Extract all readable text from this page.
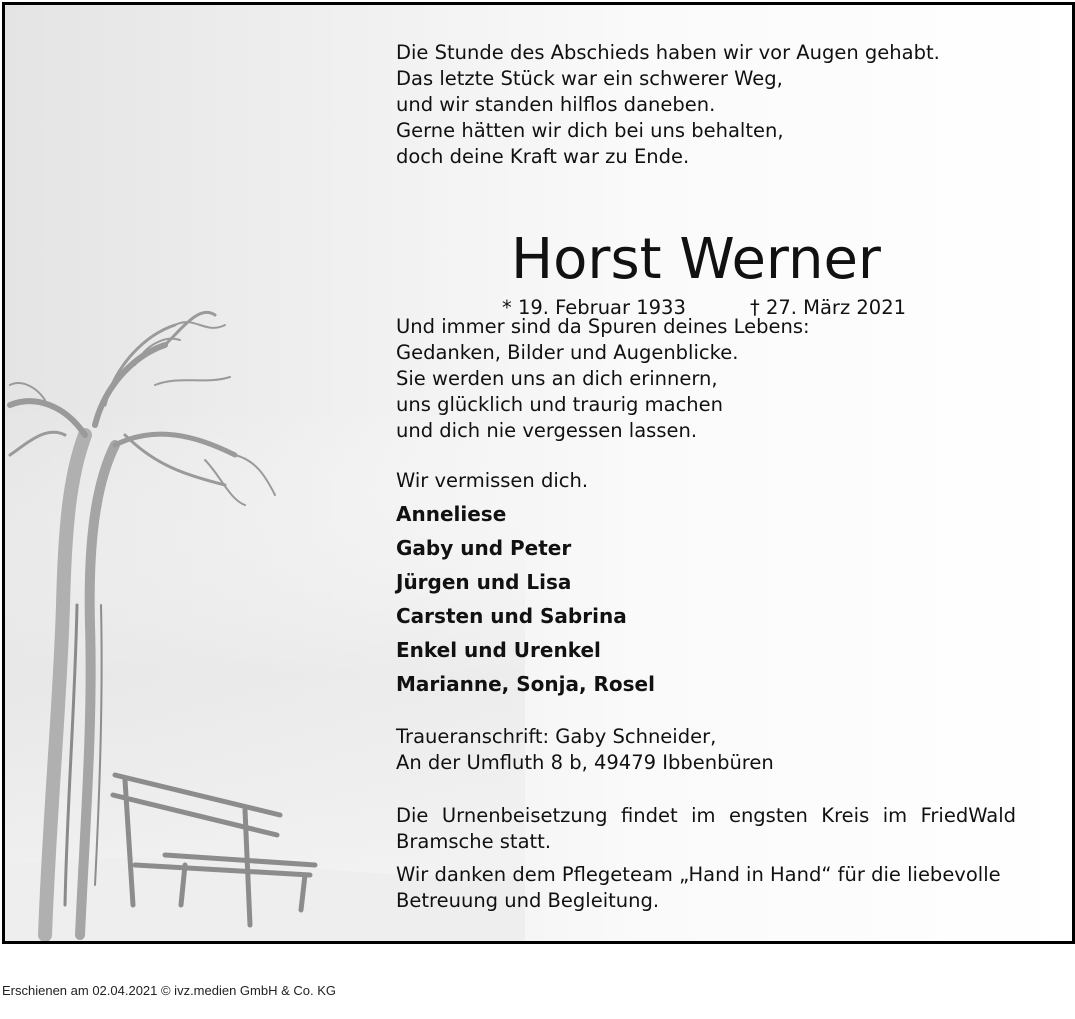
Die Stunde des Abschieds haben wir vor Augen gehabt.
Das letzte Stück war ein schwerer Weg,
und wir standen hilflos daneben.
Gerne hätten wir dich bei uns behalten,
doch deine Kraft war zu Ende.
Horst Werner
* 19. Februar 1933	† 27. März 2021
Und immer sind da Spuren deines Lebens:
Gedanken, Bilder und Augenblicke.
Sie werden uns an dich erinnern,
uns glücklich und traurig machen
und dich nie vergessen lassen.
Wir vermissen dich.
Anneliese
Gaby und Peter
Jürgen und Lisa
Carsten und Sabrina
Enkel und Urenkel
Marianne, Sonja, Rosel
Traueranschrift: Gaby Schneider,
An der Umfluth 8 b, 49479 Ibbenbüren
Die Urnenbeisetzung findet im engsten Kreis im FriedWald Bramsche statt.
Wir danken dem Pflegeteam „Hand in Hand“ für die liebevolle Betreuung und Begleitung.
Erschienen am 02.04.2021 © ivz.medien GmbH & Co. KG
